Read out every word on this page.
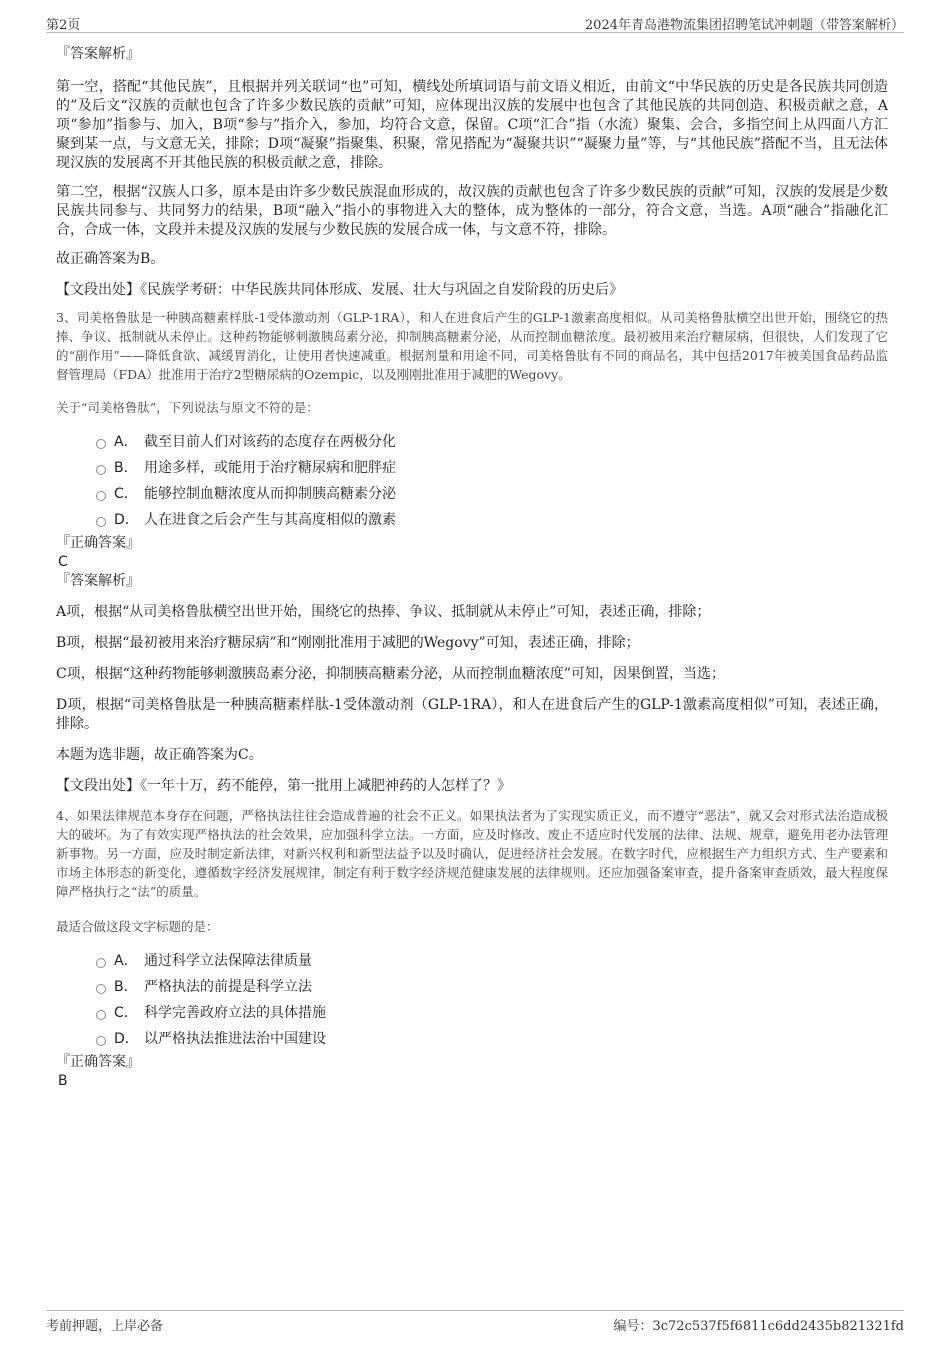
第2页	2024年青岛港物流集团招聘笔试冲刺题（带答案解析）

『答案解析』

第一空，搭配“其他民族”，且根据并列关联词“也”可知，横线处所填词语与前文语义相近，由前文“中华民族的历史是各民族共同创造的”及后文“汉族的贡献也包含了许多少数民族的贡献”可知，应体现出汉族的发展中也包含了其他民族的共同创造、积极贡献之意，A项“参加”指参与、加入，B项“参与”指介入，参加，均符合文意，保留。C项“汇合”指（水流）聚集、会合，多指空间上从四面八方汇聚到某一点，与文意无关，排除；D项“凝聚”指聚集、积聚，常见搭配为“凝聚共识”“凝聚力量”等，与“其他民族”搭配不当，且无法体现汉族的发展离不开其他民族的积极贡献之意，排除。

第二空，根据“汉族人口多，原本是由许多少数民族混血形成的，故汉族的贡献也包含了许多少数民族的贡献”可知，汉族的发展是少数民族共同参与、共同努力的结果，B项“融入”指小的事物进入大的整体，成为整体的一部分，符合文意，当选。A项“融合”指融化汇合，合成一体，文段并未提及汉族的发展与少数民族的发展合成一体，与文意不符，排除。

故正确答案为B。

【文段出处】《民族学考研：中华民族共同体形成、发展、壮大与巩固之自发阶段的历史后》

3、司美格鲁肽是一种胰高糖素样肽-1受体激动剂（GLP-1RA），和人在进食后产生的GLP-1激素高度相似。从司美格鲁肽横空出世开始，围绕它的热捧、争议、抵制就从未停止。这种药物能够刺激胰岛素分泌，抑制胰高糖素分泌，从而控制血糖浓度。最初被用来治疗糖尿病，但很快，人们发现了它的“副作用”——降低食欲、减缓胃消化，让使用者快速减重。根据剂量和用途不同，司美格鲁肽有不同的商品名，其中包括2017年被美国食品药品监督管理局（FDA）批准用于治疗2型糖尿病的Ozempic，以及刚刚批准用于减肥的Wegovy。

关于“司美格鲁肽”，下列说法与原文不符的是：

A． 截至目前人们对该药的态度存在两极分化
B． 用途多样，或能用于治疗糖尿病和肥胖症
C． 能够控制血糖浓度从而抑制胰高糖素分泌
D． 人在进食之后会产生与其高度相似的激素

『正确答案』

C

『答案解析』

A项，根据“从司美格鲁肽横空出世开始，围绕它的热捧、争议、抵制就从未停止”可知，表述正确，排除；

B项，根据“最初被用来治疗糖尿病”和“刚刚批准用于减肥的Wegovy”可知，表述正确，排除；

C项，根据“这种药物能够刺激胰岛素分泌，抑制胰高糖素分泌，从而控制血糖浓度”可知，因果倒置，当选；

D项，根据“司美格鲁肽是一种胰高糖素样肽-1受体激动剂（GLP-1RA），和人在进食后产生的GLP-1激素高度相似”可知，表述正确，排除。

本题为选非题，故正确答案为C。

【文段出处】《一年十万，药不能停，第一批用上减肥神药的人怎样了？》

4、如果法律规范本身存在问题，严格执法往往会造成普遍的社会不正义。如果执法者为了实现实质正义，而不遵守“恶法”，就又会对形式法治造成极大的破坏。为了有效实现严格执法的社会效果，应加强科学立法。一方面，应及时修改、废止不适应时代发展的法律、法规、规章，避免用老办法管理新事物。另一方面，应及时制定新法律，对新兴权利和新型法益予以及时确认，促进经济社会发展。在数字时代，应根据生产力组织方式、生产要素和市场主体形态的新变化，遵循数字经济发展规律，制定有利于数字经济规范健康发展的法律规则。还应加强备案审查，提升备案审查质效，最大程度保障严格执行之“法”的质量。

最适合做这段文字标题的是：

A． 通过科学立法保障法律质量
B． 严格执法的前提是科学立法
C． 科学完善政府立法的具体措施
D． 以严格执法推进法治中国建设

『正确答案』

B

考前押题，上岸必备	编号：3c72c537f5f6811c6dd2435b821321fd
